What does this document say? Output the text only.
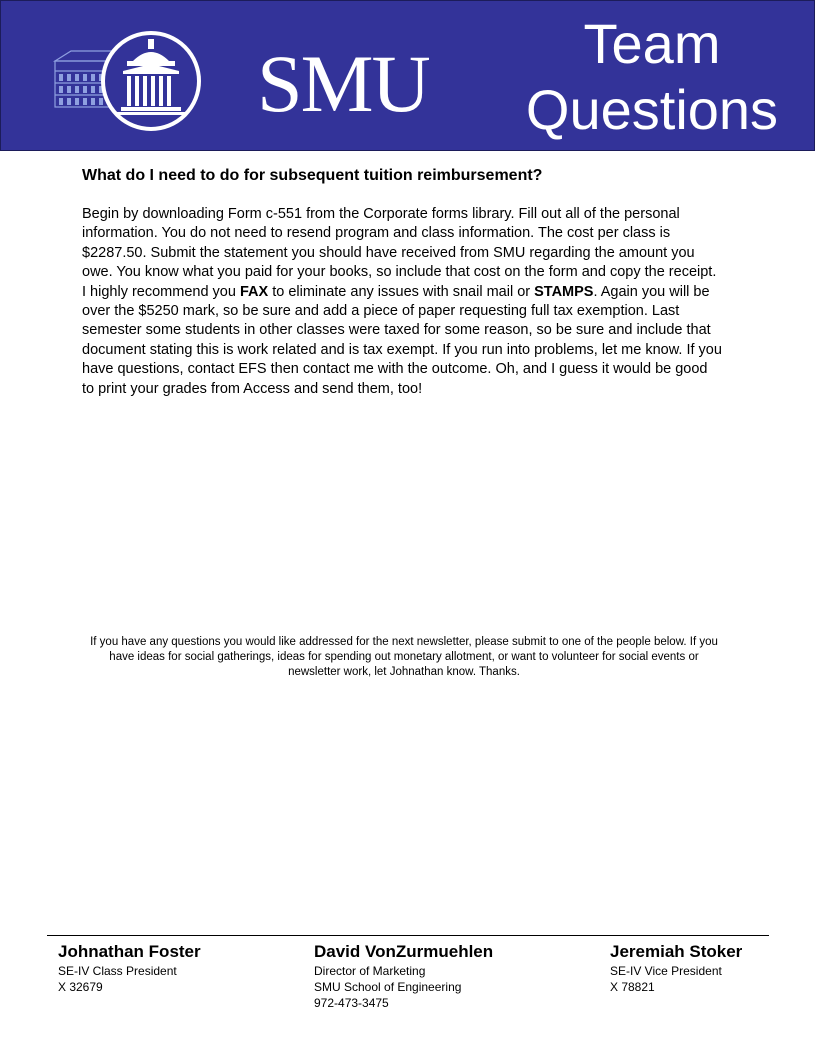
SMU	Team
Questions
What do I need to do for subsequent tuition reimbursement?
Begin by downloading Form c-551 from the Corporate forms library. Fill out all of the personal information. You do not need to resend program and class information. The cost per class is $2287.50. Submit the statement you should have received from SMU regarding the amount you owe. You know what you paid for your books, so include that cost on the form and copy the receipt. I highly recommend you FAX to eliminate any issues with snail mail or STAMPS. Again you will be over the $5250 mark, so be sure and add a piece of paper requesting full tax exemption. Last semester some students in other classes were taxed for some reason, so be sure and include that document stating this is work related and is tax exempt. If you run into problems, let me know. If you have questions, contact EFS then contact me with the outcome. Oh, and I guess it would be good to print your grades from Access and send them, too!
If you have any questions you would like addressed for the next newsletter, please submit to one of the people below. If you have ideas for social gatherings, ideas for spending out monetary allotment, or want to volunteer for social events or newsletter work, let Johnathan know. Thanks.
Johnathan Foster
SE-IV Class President
X 32679
David VonZurmuehlen
Director of Marketing
SMU School of Engineering
972-473-3475
Jeremiah Stoker
SE-IV Vice President
X 78821
